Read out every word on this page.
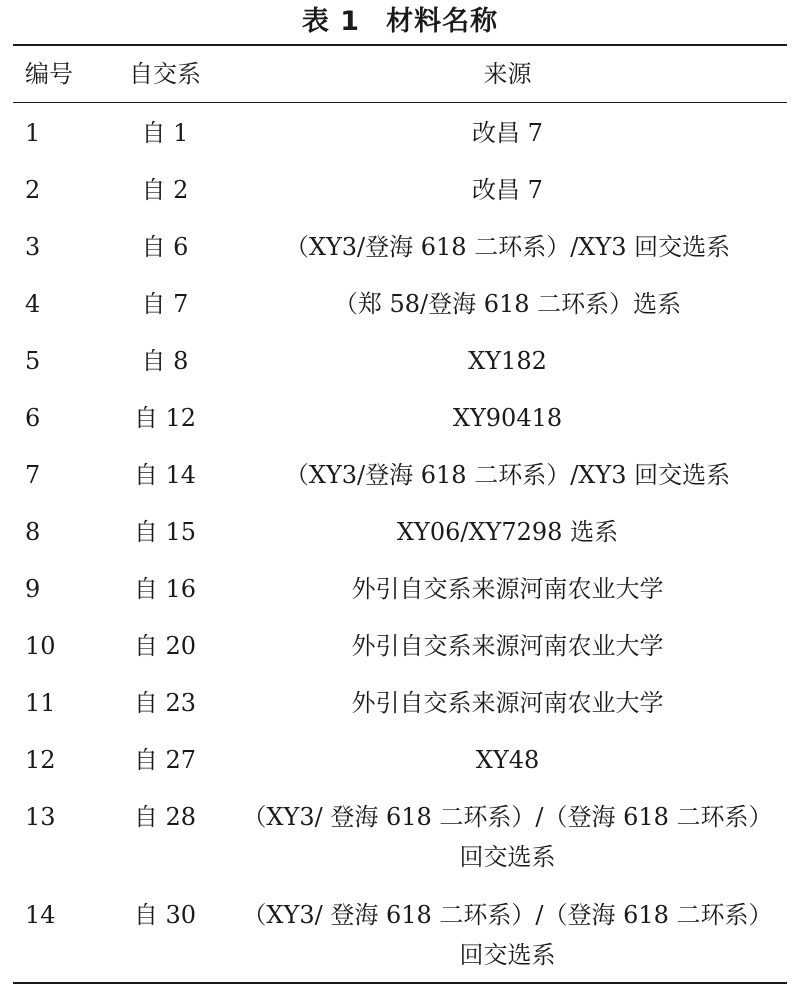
表 1 材料名称
编号	自交系	来源
1	自 1	改昌 7
2	自 2	改昌 7
3	自 6	（XY3/登海 618 二环系）/XY3 回交选系
4	自 7	（郑 58/登海 618 二环系）选系
5	自 8	XY182
6	自 12	XY90418
7	自 14	（XY3/登海 618 二环系）/XY3 回交选系
8	自 15	XY06/XY7298 选系
9	自 16	外引自交系来源河南农业大学
10	自 20	外引自交系来源河南农业大学
11	自 23	外引自交系来源河南农业大学
12	自 27	XY48
13	自 28	（XY3/ 登海 618 二环系）/（登海 618 二环系）
回交选系
14	自 30	（XY3/ 登海 618 二环系）/（登海 618 二环系）
回交选系
